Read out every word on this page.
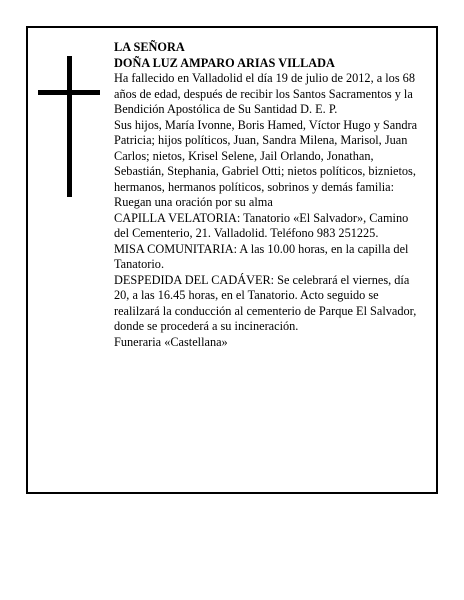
LA SEÑORA

DOÑA LUZ AMPARO ARIAS VILLADA

Ha fallecido en Valladolid el día 19 de julio de 2012, a los 68 años de edad, después de recibir los Santos Sacramentos y la Bendición Apostólica de Su Santidad D. E. P.

Sus hijos, María Ivonne, Boris Hamed, Víctor Hugo y Sandra Patricia; hijos políticos, Juan, Sandra Milena, Marisol, Juan Carlos; nietos, Krisel Selene, Jail Orlando, Jonathan, Sebastián, Stephania, Gabriel Otti; nietos políticos, biznietos, hermanos, hermanos políticos, sobrinos y demás familia:

Ruegan una oración por su alma

CAPILLA VELATORIA: Tanatorio «El Salvador», Camino del Cementerio, 21. Valladolid. Teléfono 983 251225.

MISA COMUNITARIA: A las 10.00 horas, en la capilla del Tanatorio.

DESPEDIDA DEL CADÁVER: Se celebrará el viernes, día 20, a las 16.45 horas, en el Tanatorio. Acto seguido se realilzará la conducción al cementerio de Parque El Salvador, donde se procederá a su incineración.

Funeraria «Castellana»
